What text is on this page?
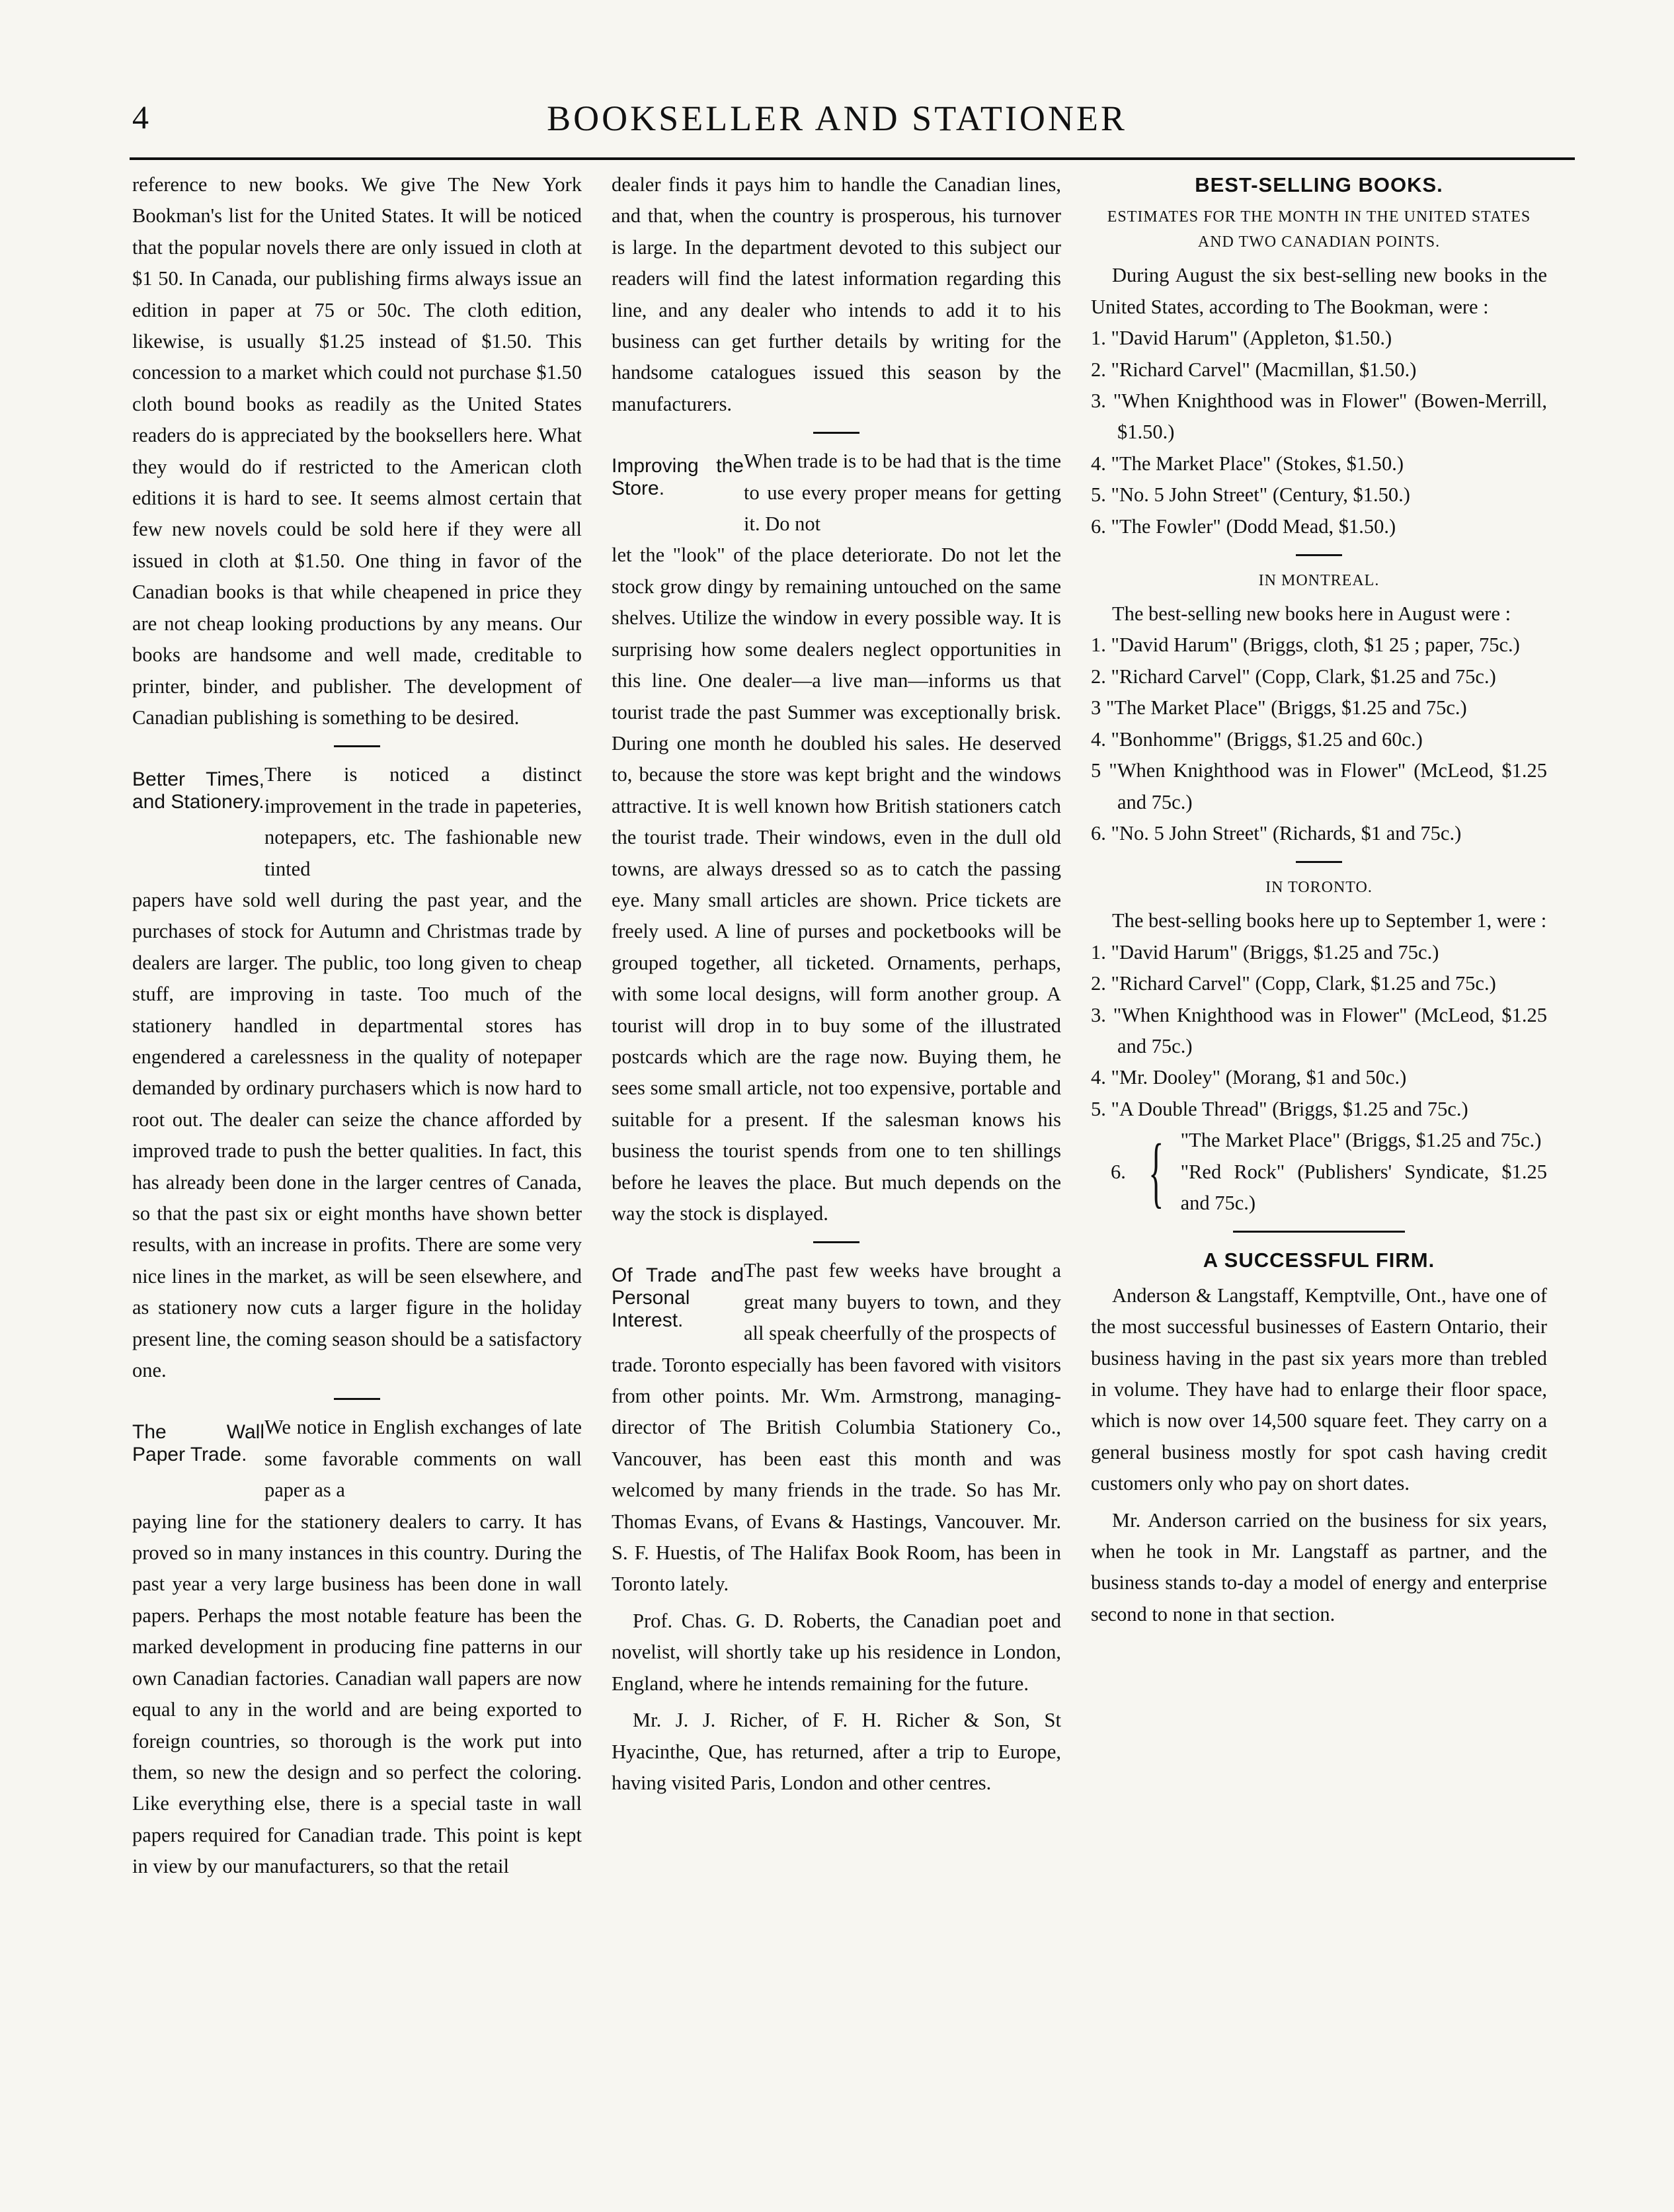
4	BOOKSELLER AND STATIONER

reference to new books. We give The New York Bookman's list for the United States. It will be noticed that the popular novels there are only issued in cloth at $1 50. In Canada, our publishing firms always issue an edition in paper at 75 or 50c. The cloth edition, likewise, is usually $1.25 instead of $1.50. This concession to a market which could not purchase $1.50 cloth bound books as readily as the United States readers do is appreciated by the booksellers here. What they would do if restricted to the American cloth editions it is hard to see. It seems almost certain that few new novels could be sold here if they were all issued in cloth at $1.50. One thing in favor of the Canadian books is that while cheapened in price they are not cheap looking productions by any means. Our books are handsome and well made, creditable to printer, binder, and publisher. The development of Canadian publishing is something to be desired.

Better Times, and Stationery.

There is noticed a distinct improvement in the trade in papeteries, notepapers, etc. The fashionable new tinted

papers have sold well during the past year, and the purchases of stock for Autumn and Christmas trade by dealers are larger. The public, too long given to cheap stuff, are improving in taste. Too much of the stationery handled in departmental stores has engendered a carelessness in the quality of notepaper demanded by ordinary purchasers which is now hard to root out. The dealer can seize the chance afforded by improved trade to push the better qualities. In fact, this has already been done in the larger centres of Canada, so that the past six or eight months have shown better results, with an increase in profits. There are some very nice lines in the market, as will be seen elsewhere, and as stationery now cuts a larger figure in the holiday present line, the coming season should be a satisfactory one.

The Wall Paper Trade.

We notice in English exchanges of late some favorable comments on wall paper as a

paying line for the stationery dealers to carry. It has proved so in many instances in this country. During the past year a very large business has been done in wall papers. Perhaps the most notable feature has been the marked development in producing fine patterns in our own Canadian factories. Canadian wall papers are now equal to any in the world and are being exported to foreign countries, so thorough is the work put into them, so new the design and so perfect the coloring. Like everything else, there is a special taste in wall papers required for Canadian trade. This point is kept in view by our manufacturers, so that the retail

dealer finds it pays him to handle the Canadian lines, and that, when the country is prosperous, his turnover is large. In the department devoted to this subject our readers will find the latest information regarding this line, and any dealer who intends to add it to his business can get further details by writing for the handsome catalogues issued this season by the manufacturers.

Improving the Store.

When trade is to be had that is the time to use every proper means for getting it. Do not

let the "look" of the place deteriorate. Do not let the stock grow dingy by remaining untouched on the same shelves. Utilize the window in every possible way. It is surprising how some dealers neglect opportunities in this line. One dealer—a live man—informs us that tourist trade the past Summer was exceptionally brisk. During one month he doubled his sales. He deserved to, because the store was kept bright and the windows attractive. It is well known how British stationers catch the tourist trade. Their windows, even in the dull old towns, are always dressed so as to catch the passing eye. Many small articles are shown. Price tickets are freely used. A line of purses and pocketbooks will be grouped together, all ticketed. Ornaments, perhaps, with some local designs, will form another group. A tourist will drop in to buy some of the illustrated postcards which are the rage now. Buying them, he sees some small article, not too expensive, portable and suitable for a present. If the salesman knows his business the tourist spends from one to ten shillings before he leaves the place. But much depends on the way the stock is displayed.

Of Trade and Personal Interest.

The past few weeks have brought a great many buyers to town, and they all speak cheerfully of the prospects of

trade. Toronto especially has been favored with visitors from other points. Mr. Wm. Armstrong, managing-director of The British Columbia Stationery Co., Vancouver, has been east this month and was welcomed by many friends in the trade. So has Mr. Thomas Evans, of Evans & Hastings, Vancouver. Mr. S. F. Huestis, of The Halifax Book Room, has been in Toronto lately.

Prof. Chas. G. D. Roberts, the Canadian poet and novelist, will shortly take up his residence in London, England, where he intends remaining for the future.

Mr. J. J. Richer, of F. H. Richer & Son, St Hyacinthe, Que, has returned, after a trip to Europe, having visited Paris, London and other centres.

BEST-SELLING BOOKS.
ESTIMATES FOR THE MONTH IN THE UNITED STATES AND TWO CANADIAN POINTS.

During August the six best-selling new books in the United States, according to The Bookman, were :

1. "David Harum" (Appleton, $1.50.)

2. "Richard Carvel" (Macmillan, $1.50.)

3. "When Knighthood was in Flower" (Bowen-Merrill, $1.50.)

4. "The Market Place" (Stokes, $1.50.)

5. "No. 5 John Street" (Century, $1.50.)

6. "The Fowler" (Dodd Mead, $1.50.)

IN MONTREAL.

The best-selling new books here in August were :

1. "David Harum" (Briggs, cloth, $1 25 ; paper, 75c.)

2. "Richard Carvel" (Copp, Clark, $1.25 and 75c.)

3 "The Market Place" (Briggs, $1.25 and 75c.)

4. "Bonhomme" (Briggs, $1.25 and 60c.)

5 "When Knighthood was in Flower" (McLeod, $1.25 and 75c.)

6. "No. 5 John Street" (Richards, $1 and 75c.)

IN TORONTO.

The best-selling books here up to September 1, were :

1. "David Harum" (Briggs, $1.25 and 75c.)

2. "Richard Carvel" (Copp, Clark, $1.25 and 75c.)

3. "When Knighthood was in Flower" (McLeod, $1.25 and 75c.)

4. "Mr. Dooley" (Morang, $1 and 50c.)

5. "A Double Thread" (Briggs, $1.25 and 75c.)

6. { "The Market Place" (Briggs, $1.25 and 75c.)

"Red Rock" (Publishers' Syndicate, $1.25 and 75c.)

A SUCCESSFUL FIRM.

Anderson & Langstaff, Kemptville, Ont., have one of the most successful businesses of Eastern Ontario, their business having in the past six years more than trebled in volume. They have had to enlarge their floor space, which is now over 14,500 square feet. They carry on a general business mostly for spot cash having credit customers only who pay on short dates.

Mr. Anderson carried on the business for six years, when he took in Mr. Langstaff as partner, and the business stands to-day a model of energy and enterprise second to none in that section.
